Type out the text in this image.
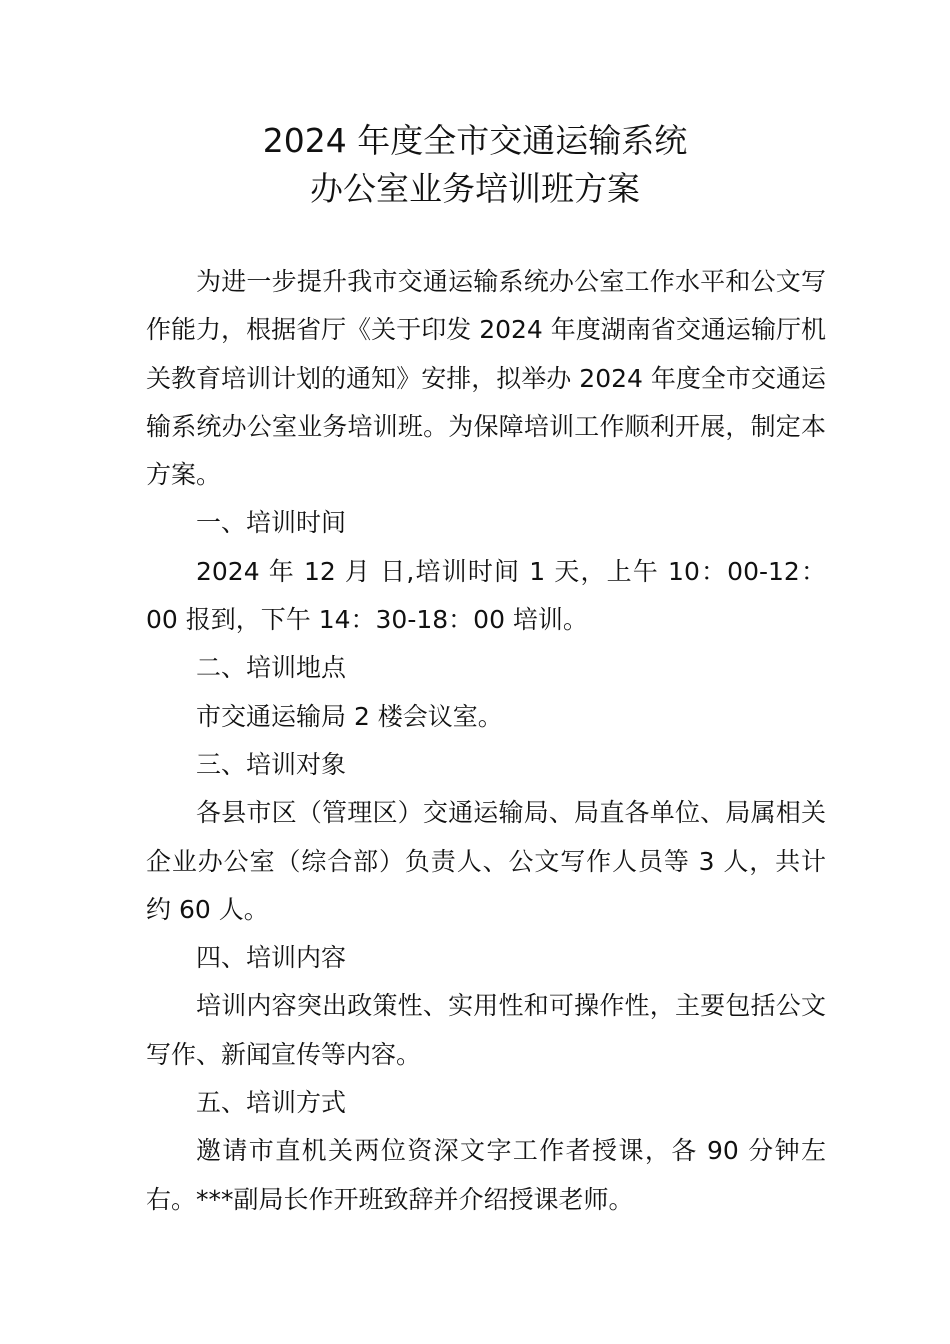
2024 年度全市交通运输系统
办公室业务培训班方案

为进一步提升我市交通运输系统办公室工作水平和公文写作能力，根据省厅《关于印发 2024 年度湖南省交通运输厅机关教育培训计划的通知》安排，拟举办 2024 年度全市交通运输系统办公室业务培训班。为保障培训工作顺利开展，制定本方案。

一、培训时间

2024 年 12 月 日,培训时间 1 天，上午 10：00-12：00 报到，下午 14：30-18：00 培训。

二、培训地点

市交通运输局 2 楼会议室。

三、培训对象

各县市区（管理区）交通运输局、局直各单位、局属相关企业办公室（综合部）负责人、公文写作人员等 3 人，共计约 60 人。

四、培训内容

培训内容突出政策性、实用性和可操作性，主要包括公文写作、新闻宣传等内容。

五、培训方式

邀请市直机关两位资深文字工作者授课，各 90 分钟左右。***副局长作开班致辞并介绍授课老师。
